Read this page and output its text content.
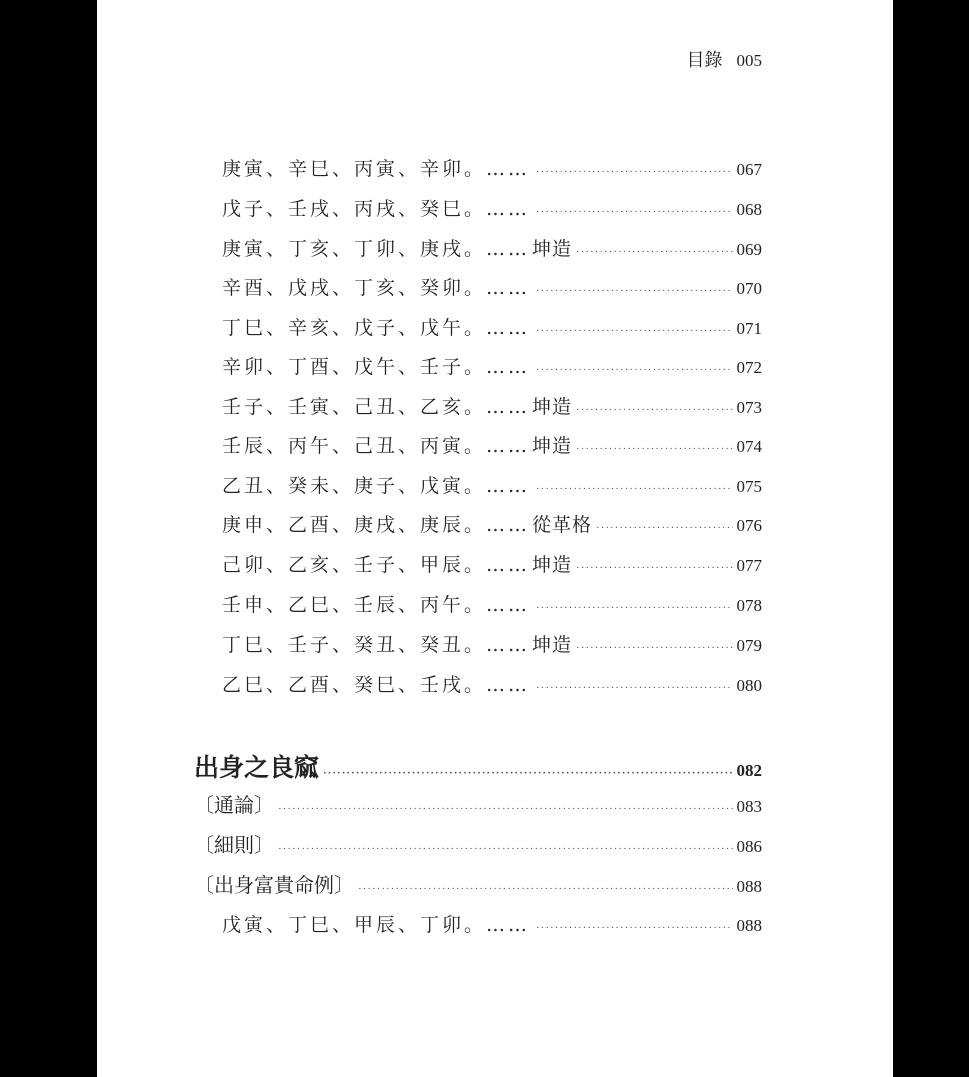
目錄 005
庚寅、辛巳、丙寅、辛卯。…… ·····	067
戊子、壬戌、丙戌、癸巳。…… ·····	068
庚寅、丁亥、丁卯、庚戌。…… 坤造 ·····	069
辛酉、戊戌、丁亥、癸卯。…… ·····	070
丁巳、辛亥、戊子、戊午。…… ·····	071
辛卯、丁酉、戊午、壬子。…… ·····	072
壬子、壬寅、己丑、乙亥。…… 坤造 ·····	073
壬辰、丙午、己丑、丙寅。…… 坤造 ·····	074
乙丑、癸未、庚子、戊寅。…… ·····	075
庚申、乙酉、庚戌、庚辰。…… 從革格 ·····	076
己卯、乙亥、壬子、甲辰。…… 坤造 ·····	077
壬申、乙巳、壬辰、丙午。…… ·····	078
丁巳、壬子、癸丑、癸丑。…… 坤造 ·····	079
乙巳、乙酉、癸巳、壬戌。…… ·····	080
出身之良窳 ·····	082
〔通論〕 ·····	083
〔細則〕 ·····	086
〔出身富貴命例〕 ·····	088
戊寅、丁巳、甲辰、丁卯。…… ·····	088
